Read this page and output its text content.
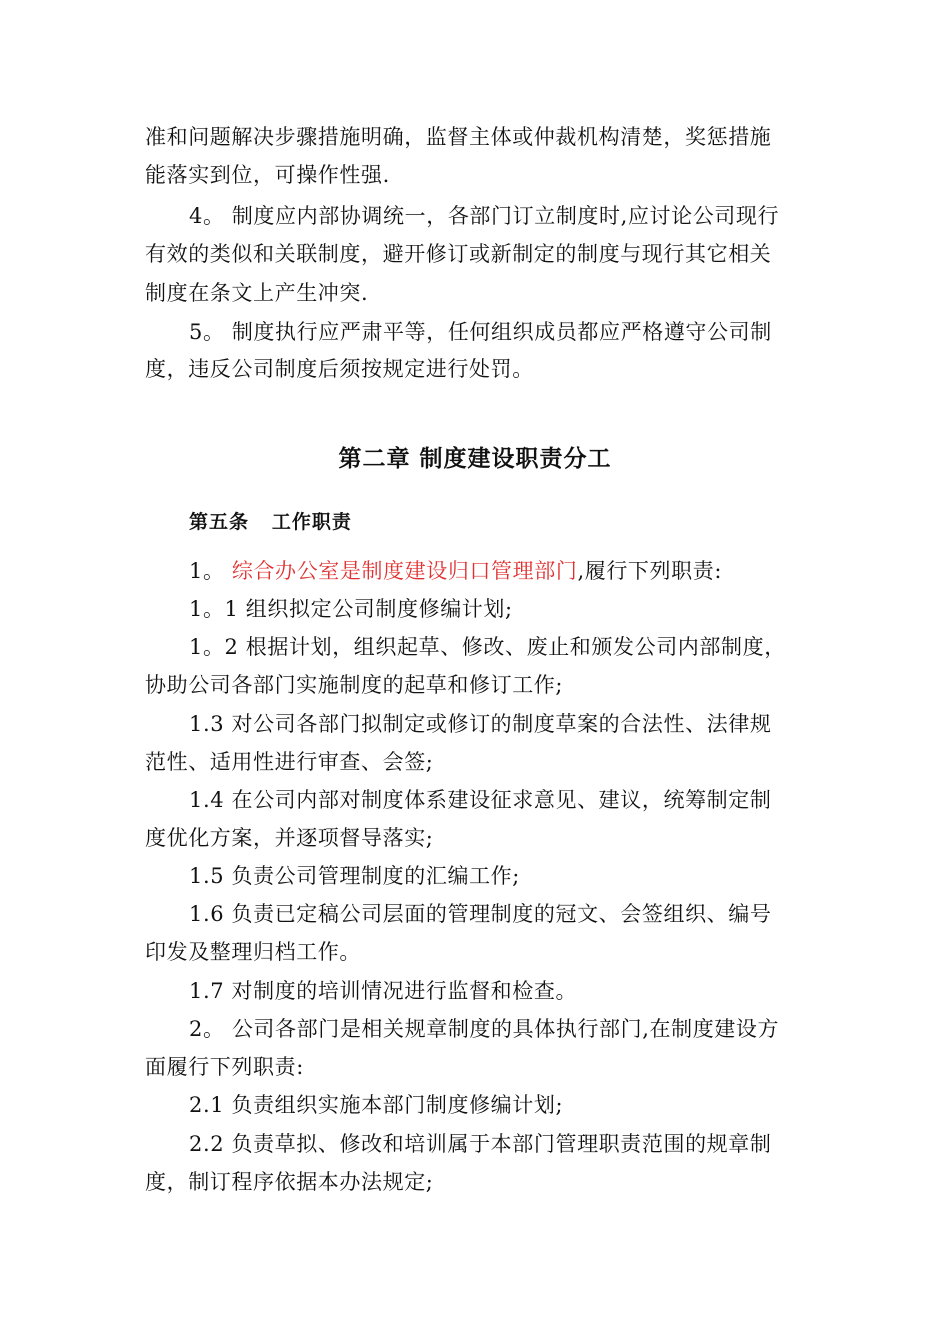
准和问题解决步骤措施明确，监督主体或仲裁机构清楚，奖惩措施
能落实到位，可操作性强.
4。 制度应内部协调统一，各部门订立制度时,应讨论公司现行
有效的类似和关联制度，避开修订或新制定的制度与现行其它相关
制度在条文上产生冲突.
5。 制度执行应严肃平等，任何组织成员都应严格遵守公司制
度，违反公司制度后须按规定进行处罚。
第二章 制度建设职责分工
第五条   工作职责
1。 综合办公室是制度建设归口管理部门,履行下列职责:
1。1 组织拟定公司制度修编计划;
1。2 根据计划，组织起草、修改、废止和颁发公司内部制度，
协助公司各部门实施制度的起草和修订工作;
1.3 对公司各部门拟制定或修订的制度草案的合法性、法律规
范性、适用性进行审查、会签;
1.4 在公司内部对制度体系建设征求意见、建议，统筹制定制
度优化方案，并逐项督导落实;
1.5 负责公司管理制度的汇编工作;
1.6 负责已定稿公司层面的管理制度的冠文、会签组织、编号
印发及整理归档工作。
1.7 对制度的培训情况进行监督和检查。
2。 公司各部门是相关规章制度的具体执行部门,在制度建设方
面履行下列职责:
2.1 负责组织实施本部门制度修编计划;
2.2 负责草拟、修改和培训属于本部门管理职责范围的规章制
度，制订程序依据本办法规定;
